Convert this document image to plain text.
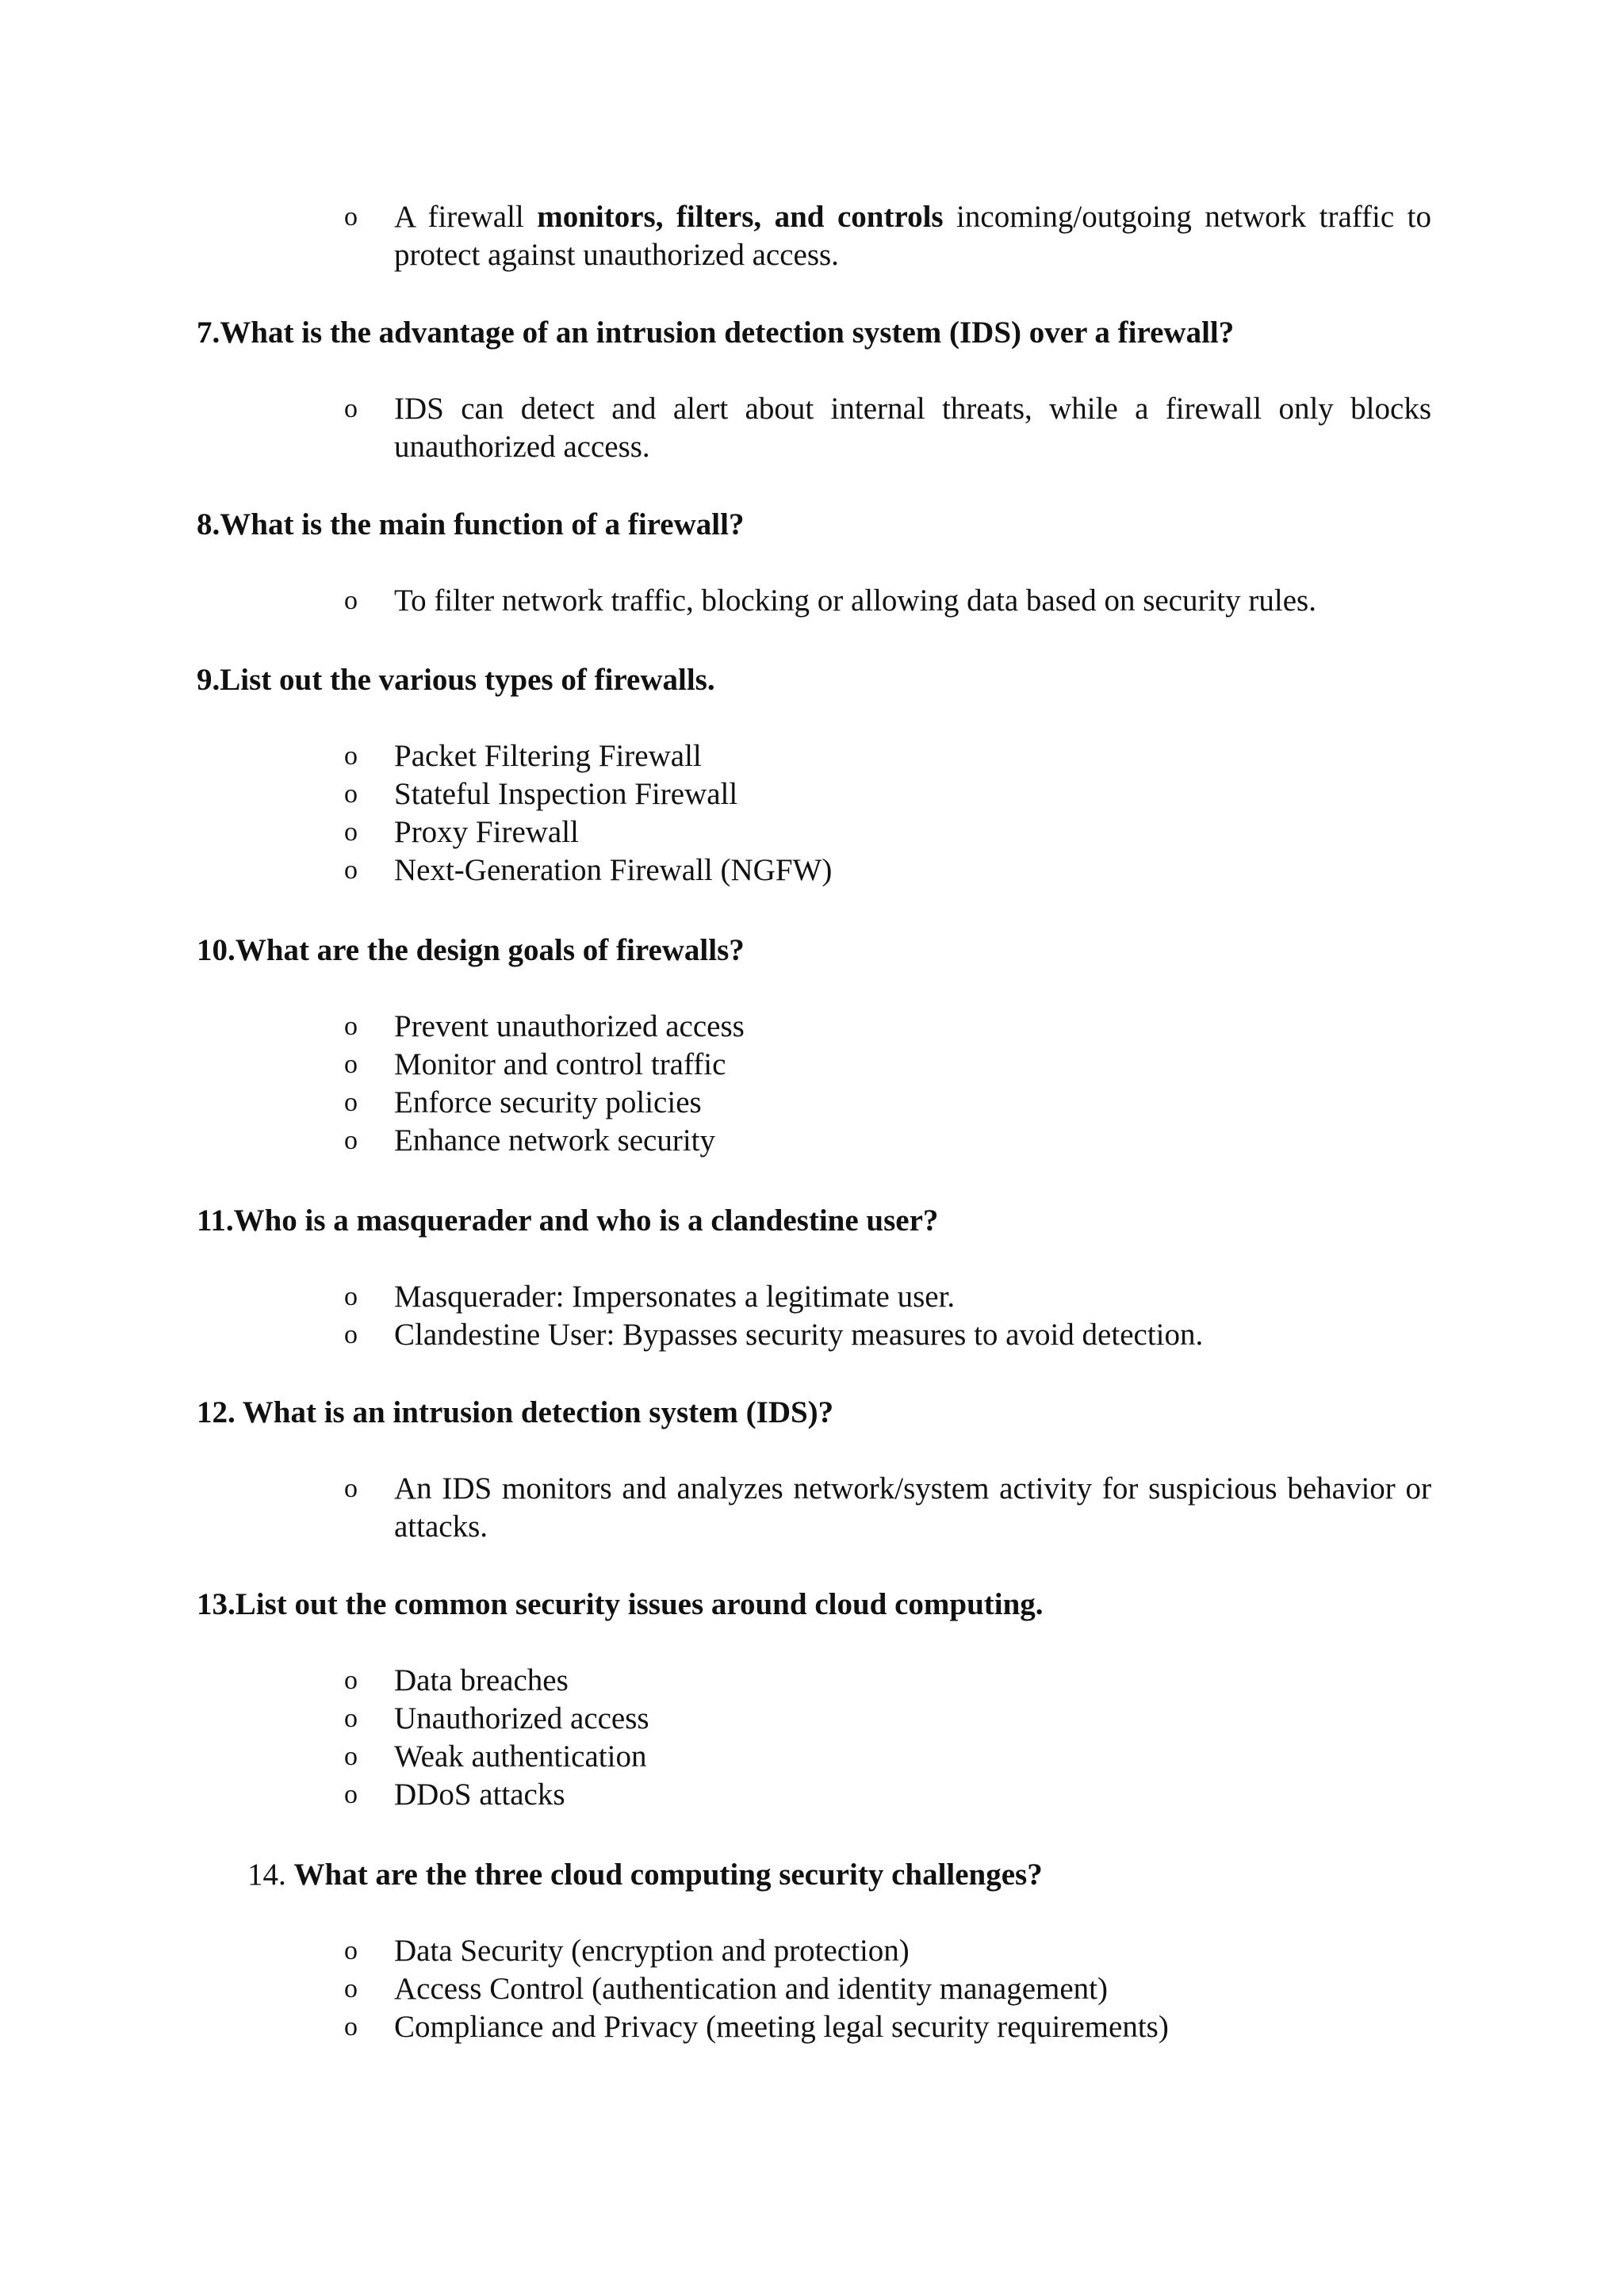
o A firewall monitors, filters, and controls incoming/outgoing network traffic to protect against unauthorized access.
7.What is the advantage of an intrusion detection system (IDS) over a firewall?
o IDS can detect and alert about internal threats, while a firewall only blocks unauthorized access.
8.What is the main function of a firewall?
o To filter network traffic, blocking or allowing data based on security rules.
9.List out the various types of firewalls.
o Packet Filtering Firewall
o Stateful Inspection Firewall
o Proxy Firewall
o Next-Generation Firewall (NGFW)
10.What are the design goals of firewalls?
o Prevent unauthorized access
o Monitor and control traffic
o Enforce security policies
o Enhance network security
11.Who is a masquerader and who is a clandestine user?
o Masquerader: Impersonates a legitimate user.
o Clandestine User: Bypasses security measures to avoid detection.
12. What is an intrusion detection system (IDS)?
o An IDS monitors and analyzes network/system activity for suspicious behavior or attacks.
13.List out the common security issues around cloud computing.
o Data breaches
o Unauthorized access
o Weak authentication
o DDoS attacks
14. What are the three cloud computing security challenges?
o Data Security (encryption and protection)
o Access Control (authentication and identity management)
o Compliance and Privacy (meeting legal security requirements)
